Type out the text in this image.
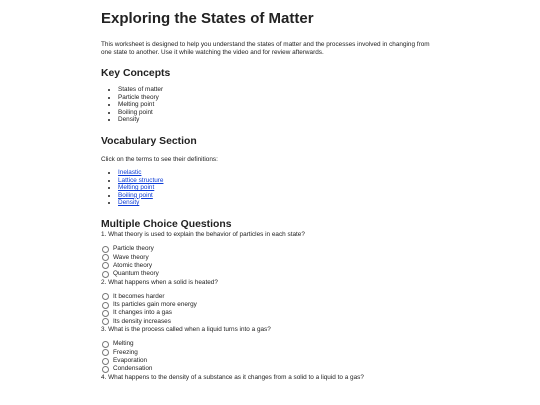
Exploring the States of Matter

This worksheet is designed to help you understand the states of matter and the processes involved in changing from one state to another. Use it while watching the video and for review afterwards.

Key Concepts
• States of matter
• Particle theory
• Melting point
• Boiling point
• Density
Vocabulary Section

Click on the terms to see their definitions:

• Inelastic
• Lattice structure
• Melting point
• Boiling point
• Density
Multiple Choice Questions

1. What theory is used to explain the behavior of particles in each state?

Particle theory
Wave theory
Atomic theory
Quantum theory

2. What happens when a solid is heated?

It becomes harder
Its particles gain more energy
It changes into a gas
Its density increases

3. What is the process called when a liquid turns into a gas?

Melting
Freezing
Evaporation
Condensation

4. What happens to the density of a substance as it changes from a solid to a liquid to a gas?
